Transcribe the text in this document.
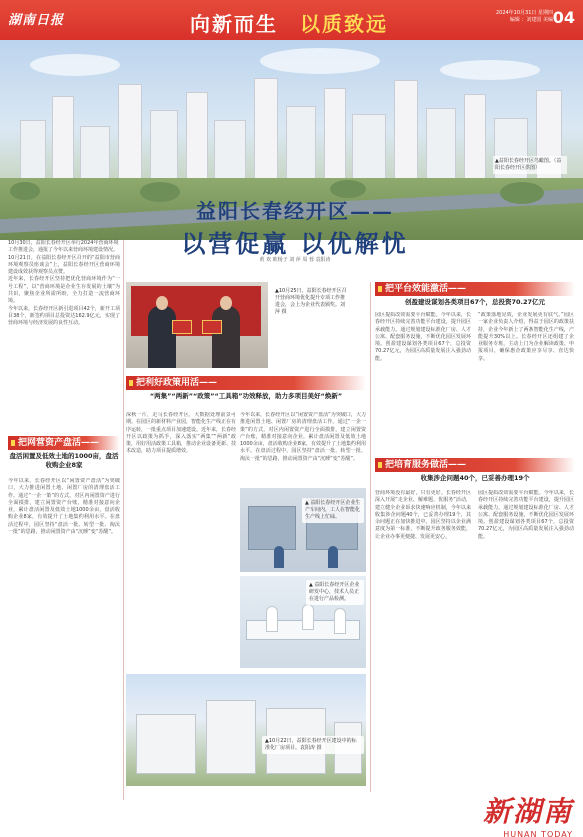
湖南日报	向新而生 以质致远	2024年10月31日 星期四
编辑 ：刘建国 美编 04
▲益阳长春经开区鸟瞰图。（益阳长春经开区供图）
益阳长春经开区——
以营促赢 以优解忧
黄 欢 欧杨子 刘 萍 周 蓉 袁阳涛

10月30日，益阳长春经开区举行2024年营商环境

工作推进会，通报了今年以来营商环境建设情况。

10月21日，在益阳长春经开区召开的“益阳市营商环境观察员座谈会”上，益阳长春经开区营商环境建设成效获得观察员点赞。

近年来，长春经开区坚持把优化营商环境作为“一号工程”，以“营商环境是企业生存发展的土壤”为共识，聚焦企业所需所盼，全力打造一流营商环境。

今年以来，长春经开区新引进项目42个，新开工项目38个，新签约项目总投资达162.9亿元，实现了营商环境与经济发展的良性互动。

▲10月25日，益阳长春经开区召开营商环境优化提升专项工作推进会，会上为企业代表颁奖。刘 萍 摄
把平台效能激活——
创盈建设谋划各类项目67个，总投资70.27亿元
园区提质改效需要平台赋能。今年以来，长春经开区持续完善功能平台建设，提升园区承载能力。通过规划建设标准化厂房、人才公寓、配套服务设施，不断优化园区发展环境。创盈建设谋划各类项目67个，总投资70.27亿元，为园区高质量发展注入强劲动能。
“政策落地见效，企业发展更有底气。”园区一家企业负责人介绍，得益于园区的政策扶持，企业今年新上了两条智能化生产线，产能提升30%以上。长春经开区还组建了企业服务专班，主动上门为企业解读政策、申报项目，确保惠企政策应享尽享、直达快享。
把利好政策用活——
“两集”“两新”“政策”“工具箱”功效释放，助力多项目美好“焕新”
深秋一片，走马长春经开区，大数据处理前景可期。在园区的新材料产业园，智能化生产线正在有序运转，一批重点项目加速建设。近年来，长春经开区以政策为抓手，深入落实“两集”“两新”政策，用好用活政策工具箱，推动企业设备更新、技术改造，助力项目提质增效。
今年以来，长春经开区以“闲置资产盘活”为突破口，大力推进闲置土地、闲置厂房的清理盘活工作。通过“一企一策”的方式，对区内闲置资产进行全面摸排，建立闲置资产台账，精准对接意向企业，累计盘活闲置及低效土地1000余亩，盘活收购企业8家，有效提升了土地集约利用水平。在盘活过程中，园区坚持“盘活一批、转型一批、淘汰一批”的思路，推动闲置资产由“沉睡”变“苏醒”。
▲ 益阳长春经开区企业生产车间内，工人在智能化生产线上忙碌。
▲ 益阳长春经开区企业研发中心，技术人员正在进行产品检测。
▲10月22日，益阳长春经开区建设中的标准化厂房项目。袁阳涛 摄
把网营资产盘活——
盘活闲置及低效土地的1000亩，盘活收购企业8家
今年以来，长春经开区以“闲置资产盘活”为突破口，大力推进闲置土地、闲置厂房的清理盘活工作。通过“一企一策”的方式，对区内闲置资产进行全面摸排，建立闲置资产台账，精准对接意向企业，累计盘活闲置及低效土地1000余亩，盘活收购企业8家，有效提升了土地集约利用水平。在盘活过程中，园区坚持“盘活一批、转型一批、淘汰一批”的思路，推动闲置资产由“沉睡”变“苏醒”。
把培育服务做活——
收集涉企问题40个，已妥善办理19个
营商环境没有最好，只有更好。长春经开区深入开展“走企业、解难题、优服务”活动，建立健全企业诉求快速响应机制，今年以来收集涉企问题40个，已妥善办理19个，其余问题正在加快推进中。园区坚持以企业满意度为第一标准，不断提升政务服务效能，让企业办事更便捷、发展更安心。
园区提质改效需要平台赋能。今年以来，长春经开区持续完善功能平台建设，提升园区承载能力。通过规划建设标准化厂房、人才公寓、配套服务设施，不断优化园区发展环境。创盈建设谋划各类项目67个，总投资70.27亿元，为园区高质量发展注入强劲动能。
新湖南
HUNAN TODAY
